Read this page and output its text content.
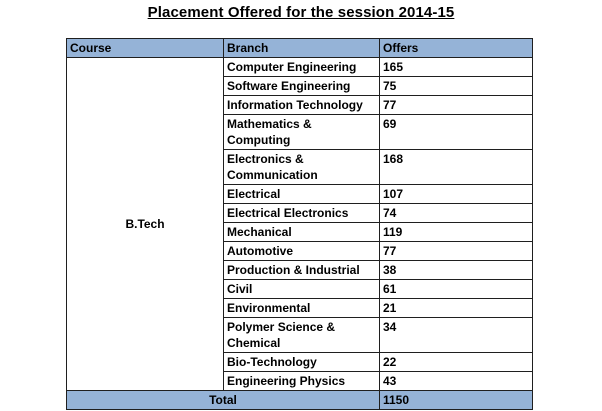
Placement Offered for the session 2014-15
Course	Branch	Offers
B.Tech	Computer Engineering	165
	Software Engineering	75
	Information Technology	77
	Mathematics & Computing	69
	Electronics & Communication	168
	Electrical	107
	Electrical Electronics	74
	Mechanical	119
	Automotive	77
	Production & Industrial	38
	Civil	61
	Environmental	21
	Polymer Science & Chemical	34
	Bio-Technology	22
	Engineering Physics	43
Total		1150
